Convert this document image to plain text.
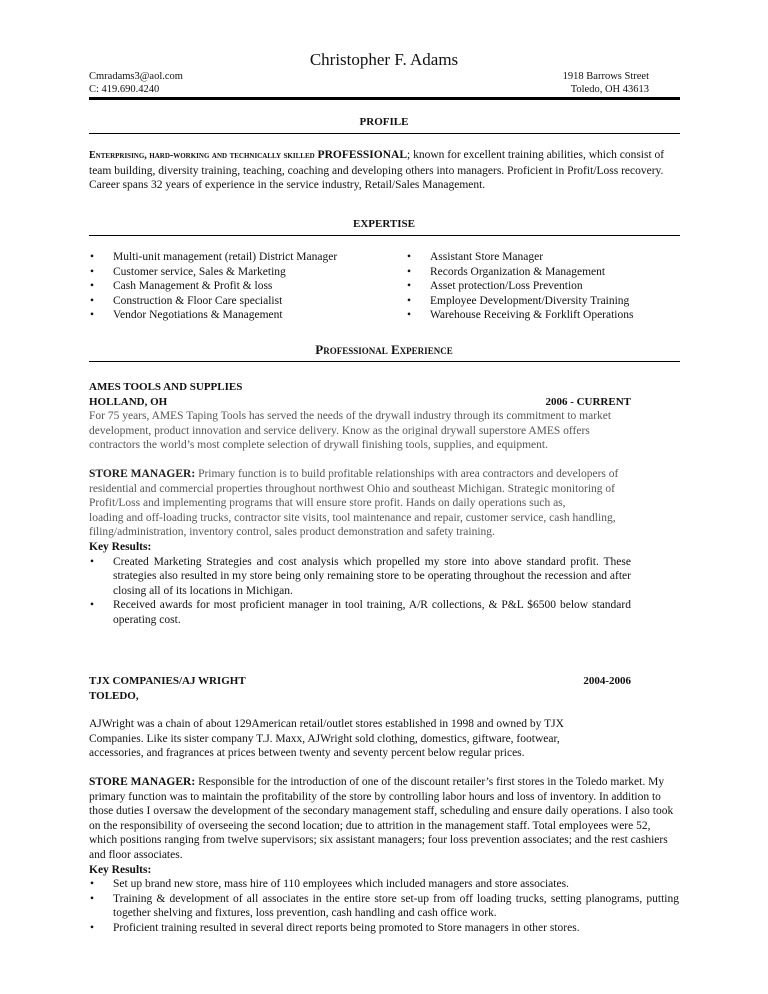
Christopher F. Adams
Cmradams3@aol.com
C: 419.690.4240
1918 Barrows Street
Toledo, OH 43613
PROFILE

Enterprising, hard-working and technically skilled PROFESSIONAL; known for excellent training abilities, which consist of team building, diversity training, teaching, coaching and developing others into managers. Proficient in Profit/Loss recovery. Career spans 32 years of experience in the service industry, Retail/Sales Management.

EXPERTISE
• Multi-unit management (retail) District Manager
• Customer service, Sales & Marketing
• Cash Management & Profit & loss
• Construction & Floor Care specialist
• Vendor Negotiations & Management
• Assistant Store Manager
• Records Organization & Management
• Asset protection/Loss Prevention
• Employee Development/Diversity Training
• Warehouse Receiving & Forklift Operations
Professional Experience
AMES TOOLS AND SUPPLIES
HOLLAND, OH	2006 - CURRENT

For 75 years, AMES Taping Tools has served the needs of the drywall industry through its commitment to market development, product innovation and service delivery. Know as the original drywall superstore AMES offers contractors the world’s most complete selection of drywall finishing tools, supplies, and equipment.

STORE MANAGER: Primary function is to build profitable relationships with area contractors and developers of residential and commercial properties throughout northwest Ohio and southeast Michigan. Strategic monitoring of Profit/Loss and implementing programs that will ensure store profit. Hands on daily operations such as,

loading and off-loading trucks, contractor site visits, tool maintenance and repair, customer service, cash handling, filing/administration, inventory control, sales product demonstration and safety training.

Key Results:
• Created Marketing Strategies and cost analysis which propelled my store into above standard profit. These strategies also resulted in my store being only remaining store to be operating throughout the recession and after closing all of its locations in Michigan.
• Received awards for most proficient manager in tool training, A/R collections, & P&L $6500 below standard operating cost.
TJX COMPANIES/AJ WRIGHT	2004-2006
TOLEDO,

AJWright was a chain of about 129American retail/outlet stores established in 1998 and owned by TJX Companies. Like its sister company T.J. Maxx, AJWright sold clothing, domestics, giftware, footwear, accessories, and fragrances at prices between twenty and seventy percent below regular prices.

STORE MANAGER: Responsible for the introduction of one of the discount retailer’s first stores in the Toledo market. My primary function was to maintain the profitability of the store by controlling labor hours and loss of inventory. In addition to those duties I oversaw the development of the secondary management staff, scheduling and ensure daily operations. I also took on the responsibility of overseeing the second location; due to attrition in the management staff. Total employees were 52, which positions ranging from twelve supervisors; six assistant managers; four loss prevention associates; and the rest cashiers and floor associates.

Key Results:
• Set up brand new store, mass hire of 110 employees which included managers and store associates.
• Training & development of all associates in the entire store set-up from off loading trucks, setting planograms, putting together shelving and fixtures, loss prevention, cash handling and cash office work.
• Proficient training resulted in several direct reports being promoted to Store managers in other stores.
